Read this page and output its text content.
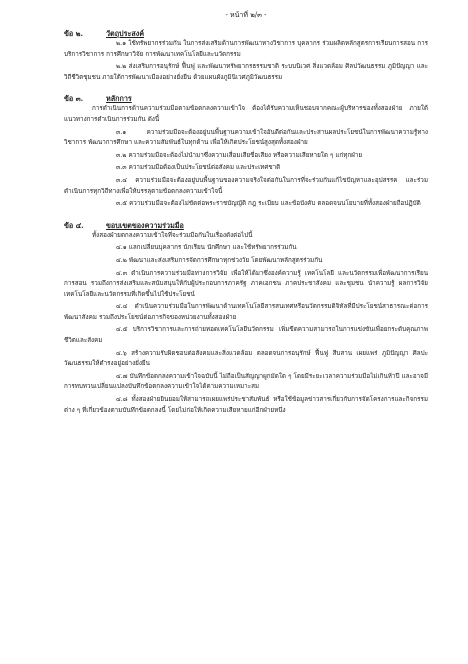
- หน้าที่ ๒/๓ -

ข้อ ๒.	วัตถุประสงค์

๒.๑ ใช้ทรัพยากรร่วมกัน ในการส่งเสริมด้านการพัฒนาทางวิชาการ บุคลากร ร่วมผลิตหลักสูตรการเรียนการสอน การบริการวิชาการ การศึกษาวิจัย การพัฒนาเทคโนโลยีและนวัตกรรม

๒.๒ ส่งเสริมการอนุรักษ์ ฟื้นฟู และพัฒนาทรัพยากรธรรมชาติ ระบบนิเวศ สิ่งแวดล้อม ศิลปวัฒนธรรม ภูมิปัญญา และวิถีชีวิตชุมชน ภายใต้การพัฒนาเมืองอย่างยั่งยืน ด้วยแผนผังภูมินิเวศภูมิวัฒนธรรม

ข้อ ๓.	หลักการ

การดำเนินการด้านความร่วมมือตามข้อตกลงความเข้าใจ ต้องได้รับความเห็นชอบจากคณะผู้บริหารของทั้งสองฝ่าย ภายใต้แนวทางการดำเนินการร่วมกัน ดังนี้

๓.๑ ความร่วมมือจะต้องอยู่บนพื้นฐานความเข้าใจอันดีต่อกันและประสานผลประโยชน์ในการพัฒนาความรู้ทางวิชาการ พัฒนาการศึกษา และความสัมพันธ์ในทุกด้าน เพื่อให้เกิดประโยชน์สูงสุดทั้งสองฝ่าย

๓.๒ ความร่วมมือจะต้องไม่นำมาซึ่งความเสื่อมเสียชื่อเสียง หรือความเสียหายใด ๆ แก่ทุกฝ่าย

๓.๓ ความร่วมมือต้องเป็นประโยชน์ต่อสังคม และประเทศชาติ

๓.๔ ความร่วมมือจะต้องอยู่บนพื้นฐานของความจริงใจต่อกันในการที่จะร่วมกันแก้ไขปัญหาและอุปสรรค และร่วมดำเนินการทุกวิถีทางเพื่อให้บรรลุตามข้อตกลงความเข้าใจนี้

๓.๕ ความร่วมมือจะต้องไม่ขัดต่อพระราชบัญญัติ กฎ ระเบียบ และข้อบังคับ ตลอดจนนโยบายที่ทั้งสองฝ่ายถือปฏิบัติ

ข้อ ๔.	ขอบเขตของความร่วมมือ

ทั้งสองฝ่ายตกลงความเข้าใจที่จะร่วมมือกันในเรื่องดังต่อไปนี้

๔.๑ แลกเปลี่ยนบุคลากร นักเรียน นักศึกษา และใช้ทรัพยากรร่วมกัน

๔.๒ พัฒนาและส่งเสริมการจัดการศึกษาทุกช่วงวัย โดยพัฒนาหลักสูตรร่วมกัน

๔.๓ ดำเนินการความร่วมมือทางการวิจัย เพื่อให้ได้มาซึ่งองค์ความรู้ เทคโนโลยี และนวัตกรรมเพื่อพัฒนาการเรียนการสอน รวมถึงการส่งเสริมและสนับสนุนให้กับผู้ประกอบการภาครัฐ ภาคเอกชน ภาคประชาสังคม และชุมชน นำความรู้ ผลการวิจัยเทคโนโลยีและนวัตกรรมที่เกิดขึ้นไปใช้ประโยชน์

๔.๔ ดำเนินความร่วมมือในการพัฒนาด้านเทคโนโลยีสารสนเทศหรือนวัตกรรมดิจิทัลที่มีประโยชน์สาธารณะต่อการพัฒนาสังคม รวมถึงประโยชน์ต่อภารกิจของหน่วยงานทั้งสองฝ่าย

๔.๕ บริการวิชาการและการถ่ายทอดเทคโนโลยีนวัตกรรม เพิ่มขีดความสามารถในการแข่งขันเพื่อยกระดับคุณภาพชีวิตและสังคม

๔.๖ สร้างความรับผิดชอบต่อสังคมและสิ่งแวดล้อม ตลอดจนการอนุรักษ์ ฟื้นฟู สืบสาน เผยแพร่ ภูมิปัญญา ศิลปะวัฒนธรรมให้ดำรงอยู่อย่างยั่งยืน

๔.๗ บันทึกข้อตกลงความเข้าใจฉบับนี้ ไม่ถือเป็นสัญญาผูกมัดใด ๆ โดยมีระยะเวลาความร่วมมือไม่เกินห้าปี และอาจมีการทบทวนเปลี่ยนแปลงบันทึกข้อตกลงความเข้าใจได้ตามความเหมาะสม

๔.๘ ทั้งสองฝ่ายยินยอมให้สามารถเผยแพร่ประชาสัมพันธ์ หรือใช้ข้อมูลข่าวสารเกี่ยวกับการจัดโครงการและกิจกรรมต่าง ๆ ที่เกี่ยวข้องตามบันทึกข้อตกลงนี้ โดยไม่ก่อให้เกิดความเสียหายแก่อีกฝ่ายหนึ่ง
